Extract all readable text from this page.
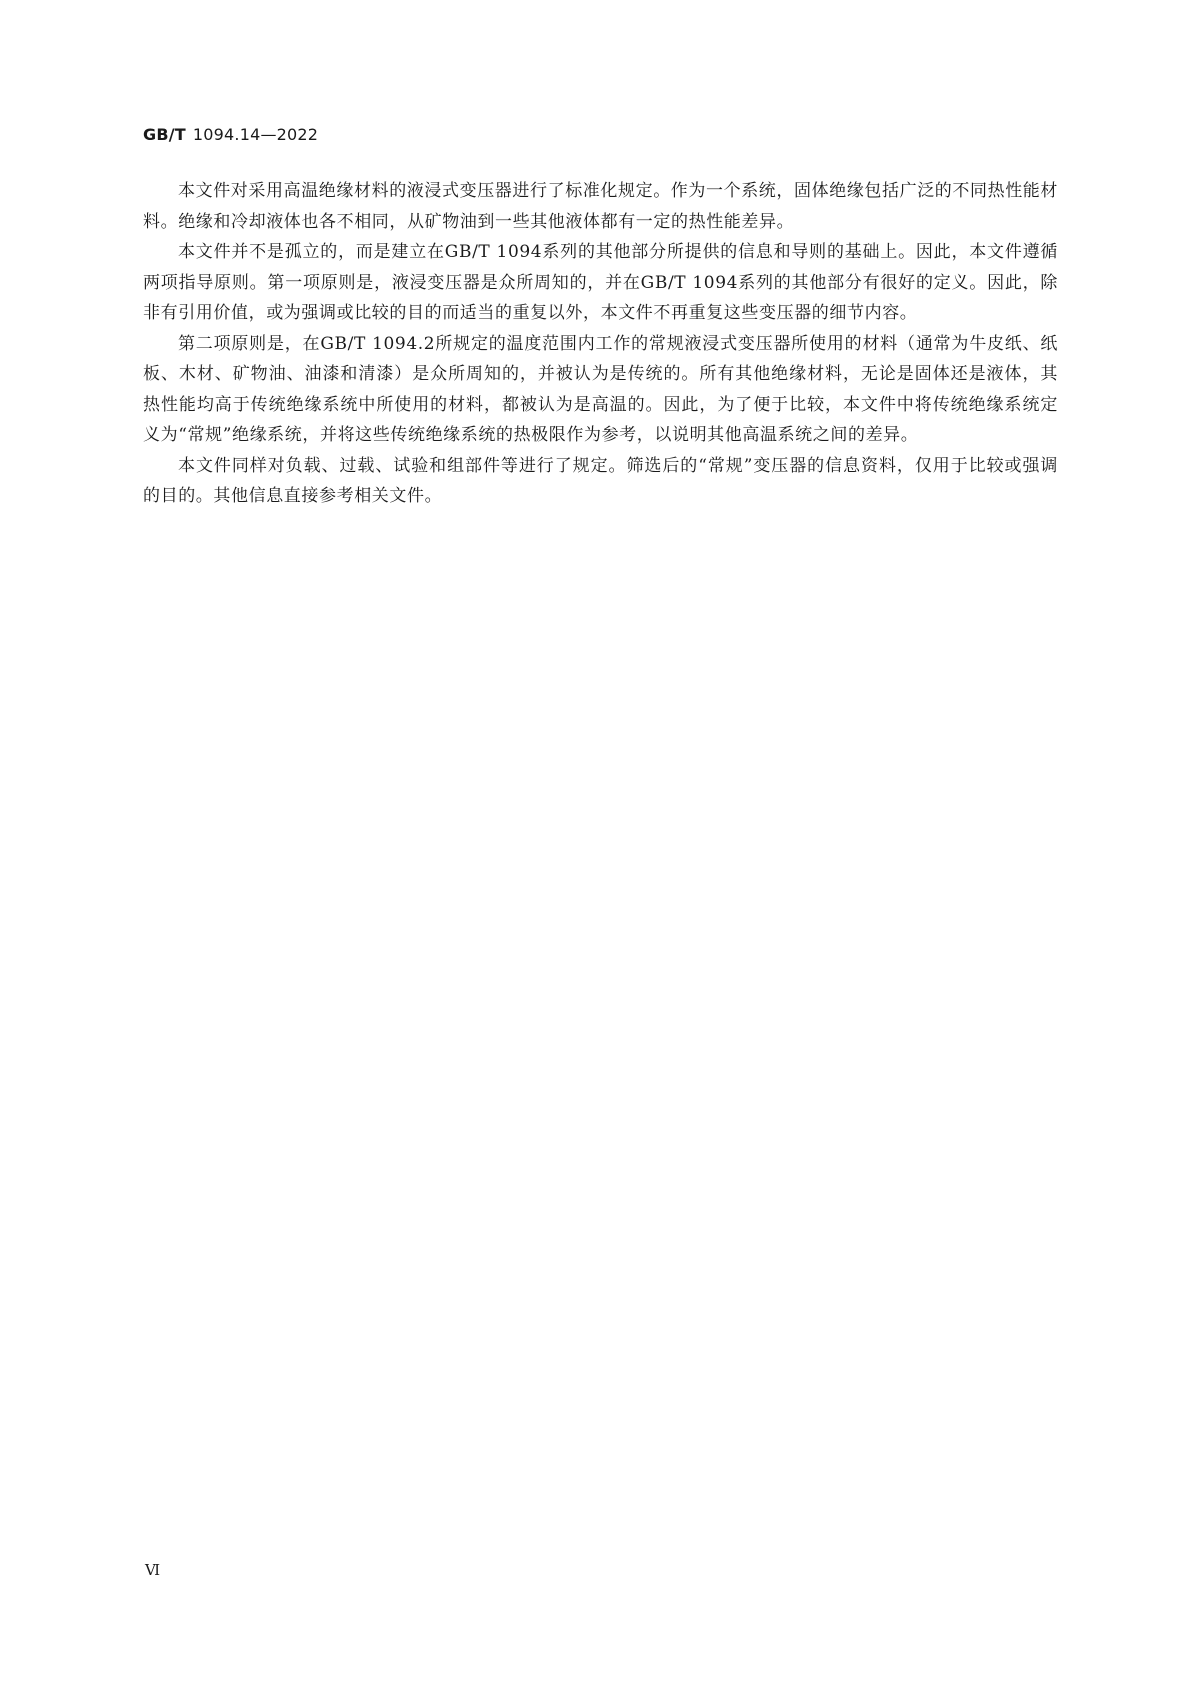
GB/T 1094.14—2022

本文件对采用高温绝缘材料的液浸式变压器进行了标准化规定。作为一个系统，固体绝缘包括广泛的不同热性能材料。绝缘和冷却液体也各不相同，从矿物油到一些其他液体都有一定的热性能差异。

本文件并不是孤立的，而是建立在GB/T 1094系列的其他部分所提供的信息和导则的基础上。因此，本文件遵循两项指导原则。第一项原则是，液浸变压器是众所周知的，并在GB/T 1094系列的其他部分有很好的定义。因此，除非有引用价值，或为强调或比较的目的而适当的重复以外，本文件不再重复这些变压器的细节内容。

第二项原则是，在GB/T 1094.2所规定的温度范围内工作的常规液浸式变压器所使用的材料（通常为牛皮纸、纸板、木材、矿物油、油漆和清漆）是众所周知的，并被认为是传统的。所有其他绝缘材料，无论是固体还是液体，其热性能均高于传统绝缘系统中所使用的材料，都被认为是高温的。因此，为了便于比较，本文件中将传统绝缘系统定义为“常规”绝缘系统，并将这些传统绝缘系统的热极限作为参考，以说明其他高温系统之间的差异。

本文件同样对负载、过载、试验和组部件等进行了规定。筛选后的“常规”变压器的信息资料，仅用于比较或强调的目的。其他信息直接参考相关文件。

Ⅵ
